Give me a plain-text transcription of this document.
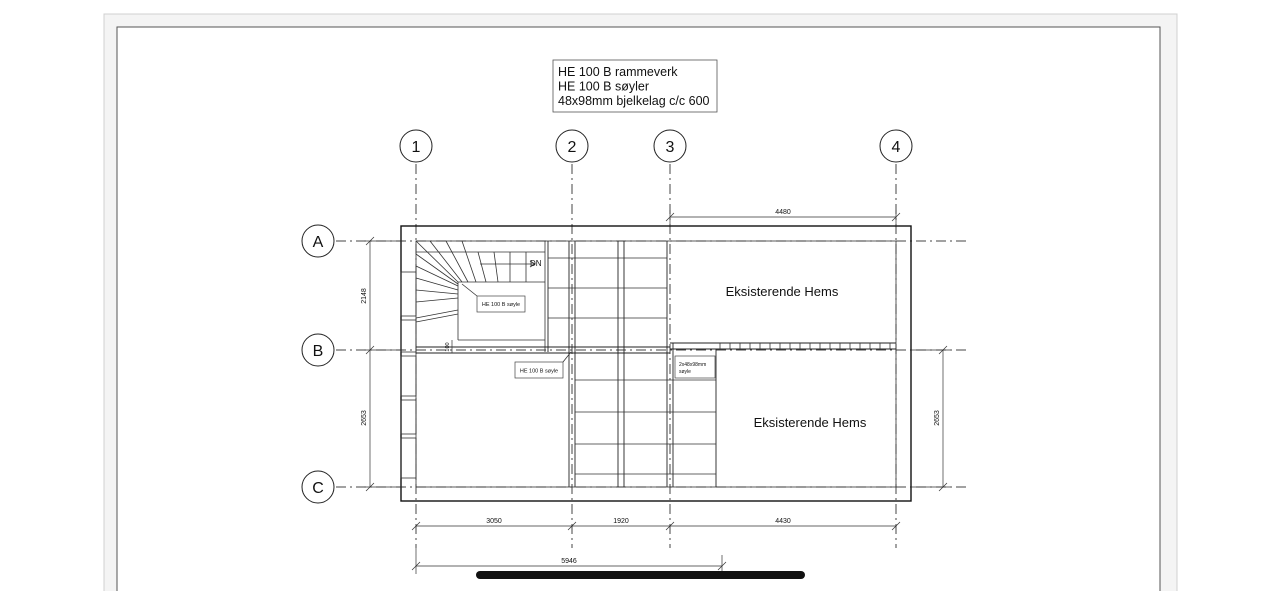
HE 100 B rammeverk
HE 100 B søyler
48x98mm bjelkelag c/c 600
1	2	3	4
A
B
C
DN
Eksisterende Hems
Eksisterende Hems
HE 100 B søyle
HE 100 B søyle
2x48x98mm
søyle
100
4480
2148
2653	2653
3050	1920	4430
5946
